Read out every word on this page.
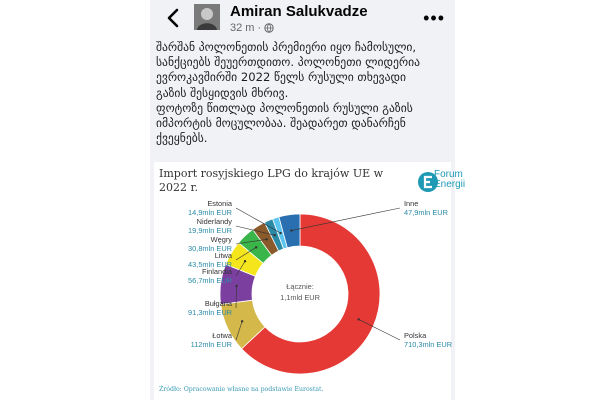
Amiran Salukvadze
32 m ·	•••
შარშან პოლონეთის პრემიერი იყო ჩამოსული,
სანქციებს შეუერთდითო. პოლონეთი ლიდერია
ევროკავშირში 2022 წელს რუსული თხევადი
გაზის შესყიდვის მხრივ.
ფოტოზე წითლად პოლონეთის რუსული გაზის
იმპორტის მოცულობაა. შეადარეთ დანარჩენ
ქვეყნებს.
Import rosyjskiego LPG do krajów UE w
2022 r.
Forum
Energii
Łącznie:
1,1mld EUR
Polska
710,3mln EUR
Łotwa
112mln EUR
Bułgaria
91,3mln EUR
Finlandia
56,7mln EUR
Litwa
43,5mln EUR
Węgry
30,8mln EUR
Niderlandy
19,9mln EUR
Estonia
14,9mln EUR
Inne
47,9mln EUR
Źródło: Opracowanie własne na podstawie Eurostat.
